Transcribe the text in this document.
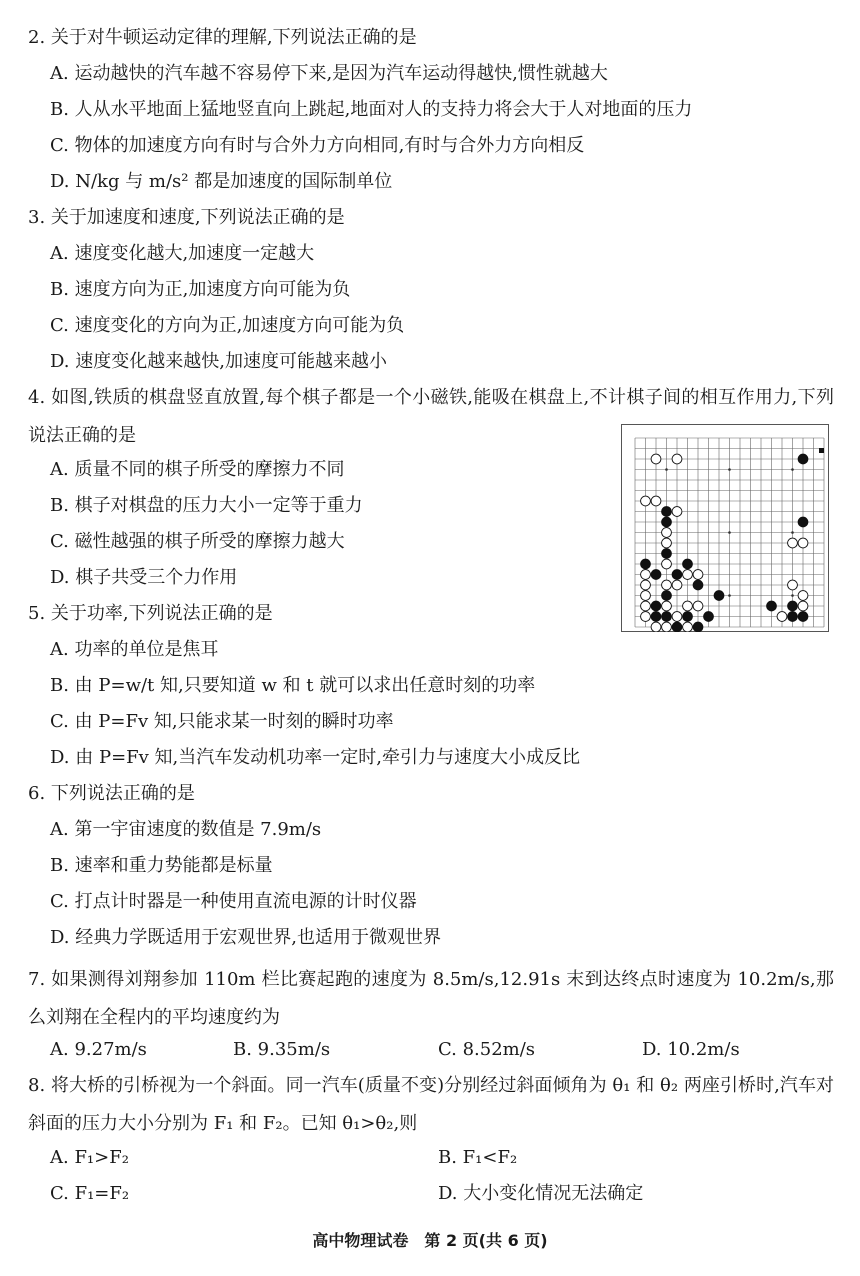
2. 关于对牛顿运动定律的理解,下列说法正确的是
A. 运动越快的汽车越不容易停下来,是因为汽车运动得越快,惯性就越大
B. 人从水平地面上猛地竖直向上跳起,地面对人的支持力将会大于人对地面的压力
C. 物体的加速度方向有时与合外力方向相同,有时与合外力方向相反
D. N/kg 与 m/s² 都是加速度的国际制单位
3. 关于加速度和速度,下列说法正确的是
A. 速度变化越大,加速度一定越大
B. 速度方向为正,加速度方向可能为负
C. 速度变化的方向为正,加速度方向可能为负
D. 速度变化越来越快,加速度可能越来越小
4. 如图,铁质的棋盘竖直放置,每个棋子都是一个小磁铁,能吸在棋盘上,不计棋子间的相互作用力,下列说法正确的是
A. 质量不同的棋子所受的摩擦力不同
B. 棋子对棋盘的压力大小一定等于重力
C. 磁性越强的棋子所受的摩擦力越大
D. 棋子共受三个力作用
5. 关于功率,下列说法正确的是
A. 功率的单位是焦耳
B. 由 P=w/t 知,只要知道 w 和 t 就可以求出任意时刻的功率
C. 由 P=Fv 知,只能求某一时刻的瞬时功率
D. 由 P=Fv 知,当汽车发动机功率一定时,牵引力与速度大小成反比
6. 下列说法正确的是
A. 第一宇宙速度的数值是 7.9m/s
B. 速率和重力势能都是标量
C. 打点计时器是一种使用直流电源的计时仪器
D. 经典力学既适用于宏观世界,也适用于微观世界
7. 如果测得刘翔参加 110m 栏比赛起跑的速度为 8.5m/s,12.91s 末到达终点时速度为 10.2m/s,那么刘翔在全程内的平均速度约为
A. 9.27m/s	B. 9.35m/s	C. 8.52m/s	D. 10.2m/s
8. 将大桥的引桥视为一个斜面。同一汽车(质量不变)分别经过斜面倾角为 θ₁ 和 θ₂ 两座引桥时,汽车对斜面的压力大小分别为 F₁ 和 F₂。已知 θ₁>θ₂,则
A. F₁>F₂	B. F₁<F₂
C. F₁=F₂	D. 大小变化情况无法确定
高中物理试卷　第 2 页(共 6 页)
